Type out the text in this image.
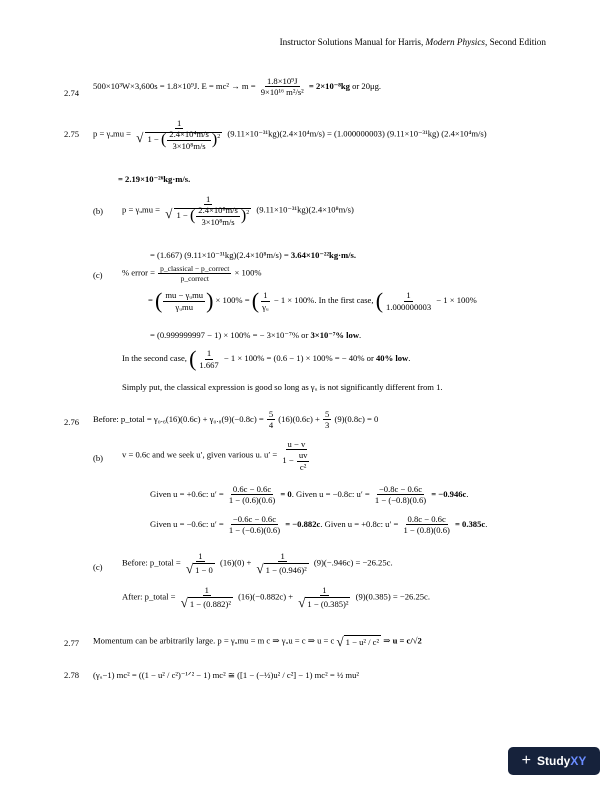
Instructor Solutions Manual for Harris, Modern Physics, Second Edition
2.74
500×10³W×3,600s = 1.8×10⁹J. $E = mc^2 \to m = \frac{\text{1.8×10⁹J}}{\text{9×10¹⁶ m²/s²}} = 2\times 10^{-8}kg$ or 20μg.
2.75 p = γᵤmu = $\frac{1}{√ 1 - ( \frac{\text{2.4×10⁴m/s}}{\text{3×10⁸m/s}} )^2} (9.11\times 10^{-31}kg)(2.4\times 10^4m/s) = (1.000000003)$ (9.11×10⁻³¹kg) (2.4×10⁴m/s)
= 2.19×10⁻²⁶kg·m/s.
(b) p = γᵤmu = $\frac{1}{√ 1 - ( \frac{\text{2.4×10⁸m/s}}{\text{3×10⁸m/s}} )^2} (9.11\times 10^{-31}kg)(2.4\times 10^8m/s)$
= (1.667) (9.11×10⁻³¹kg)(2.4×10⁸m/s) = 3.64×10⁻²²kg·m/s.
(c) % error = $\frac{\text{p\_classical − p\_correct}}{\text{p\_correct}} \times 100\%$
= ( $\frac{\text{mu − γᵤmu}}{\text{γᵤmu}}$ ) × 100% = ( $\frac{1}{\text{γᵤ}} - 1 \times 100\%$. In the first case, ( $\frac{1}{1.000000003} - 1 \times 100\%$
= (0.999999997 − 1) × 100% = − 3×10⁻⁷% or 3×10⁻⁷% low.
In the second case, ( $\frac{1}{1.667} - 1 \times 100\% = (0.6 - 1) \times 100\%$ = − 40% or 40% low.
Simply put, the classical expression is good so long as γᵤ is not significantly different from 1.
2.76 Before: p_total = $\gamma_0._6(16)(0.6c) + \gamma_0._8(9)(-0.8c) = \frac{5}{4} (16)(0.6c) + \frac{5}{3} (9)(0.8c) = 0$
(b) v = 0.6c and we seek u′, given various u. $u' = \frac{u - v}{1 - \frac{uv}{\text{c²}}}$
Given u = +0.6c: $u' = \frac{0.6c - 0.6c}{1 - (0.6)(0.6)} = 0$. Given u = −0.8c: $u' = \frac{-0.8c - 0.6c}{1 - (-0.8)(0.6)} = -0.946c$.
Given u = −0.6c: $u' = \frac{-0.6c - 0.6c}{1 - (-0.6)(0.6)} = -0.882c$. Given u = +0.8c: $u' = \frac{0.8c - 0.6c}{1 - (0.8)(0.6)} = 0.385c$.
(c) Before: p_total = $\frac{1}{√ 1 - 0} (16)(0) + \frac{1}{\text{√ 1 − (0.946)²}} (9)(-.946c) = -26.25c$.
After: p_total = $\frac{1}{\text{√ 1 − (0.882)²}} (16)(-0.882c) + \frac{1}{\text{√ 1 − (0.385)²}} (9)(0.385) = -26.25c$.
2.77 Momentum can be arbitrarily large. p = γᵤmu = m c ⇒ γᵤu = c ⇒ u = c √ 1 − u² / c² ⇒ u = c/√2
2.78 (γᵤ−1) mc² = ((1 − u² / c²)⁻¹ᐟ² − 1) mc² ≅ ([1 − (−½)u² / c²] − 1) mc² = ½ mu²
+ Study XY
